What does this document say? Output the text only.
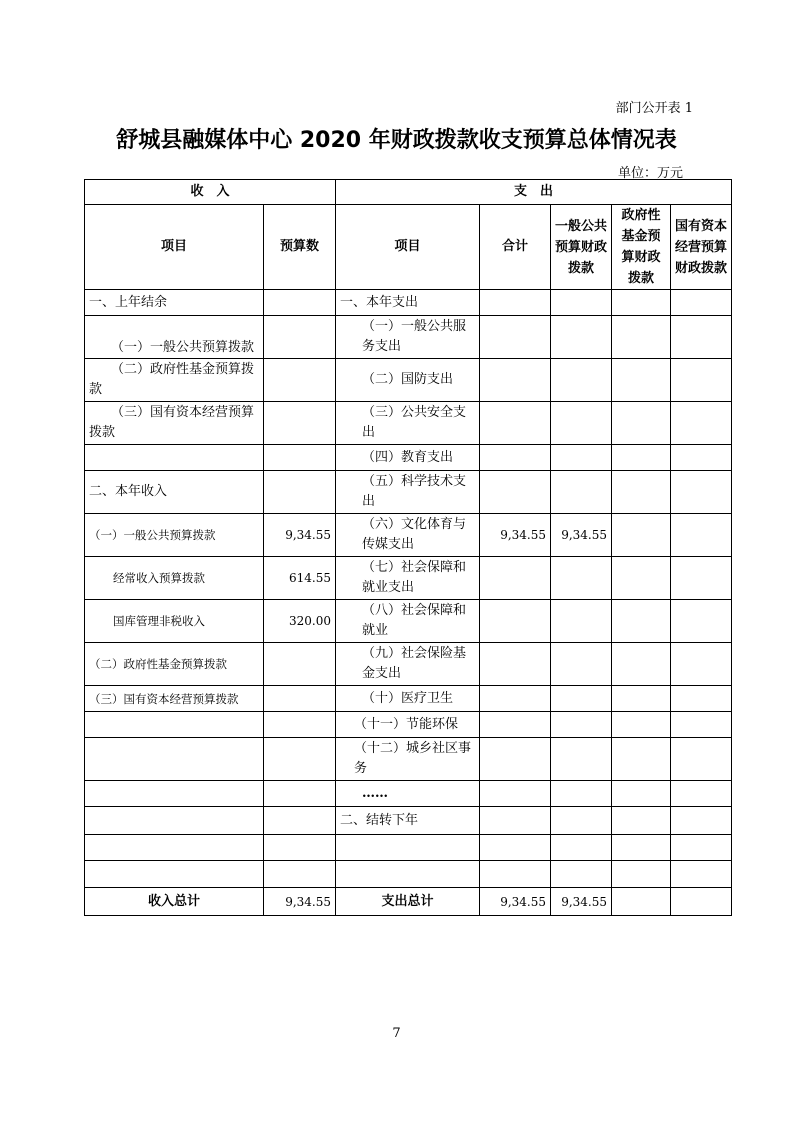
部门公开表 1
舒城县融媒体中心 2020 年财政拨款收支预算总体情况表
单位：万元
收　入		支　出				
项目	预算数	项目	合计	一般公共预算财政拨款	政府性基金预算财政拨款	国有资本经营预算财政拨款
一、上年结余		一、本年支出				
（一）一般公共预算拨款		（一）一般公共服务支出				
（二）政府性基金预算拨款		（二）国防支出				
（三）国有资本经营预算拨款		（三）公共安全支出				
		（四）教育支出				
二、本年收入		（五）科学技术支出				
（一）一般公共预算拨款	9,34.55	（六）文化体育与传媒支出	9,34.55	9,34.55		
经常收入预算拨款	614.55	（七）社会保障和就业支出				
国库管理非税收入	320.00	（八）社会保障和就业				
（二）政府性基金预算拨款		（九）社会保险基金支出				
（三）国有资本经营预算拨款		（十）医疗卫生				
		（十一）节能环保				
		（十二）城乡社区事务				
		……				
		二、结转下年				

收入总计	9,34.55	支出总计	9,34.55	9,34.55		
7
